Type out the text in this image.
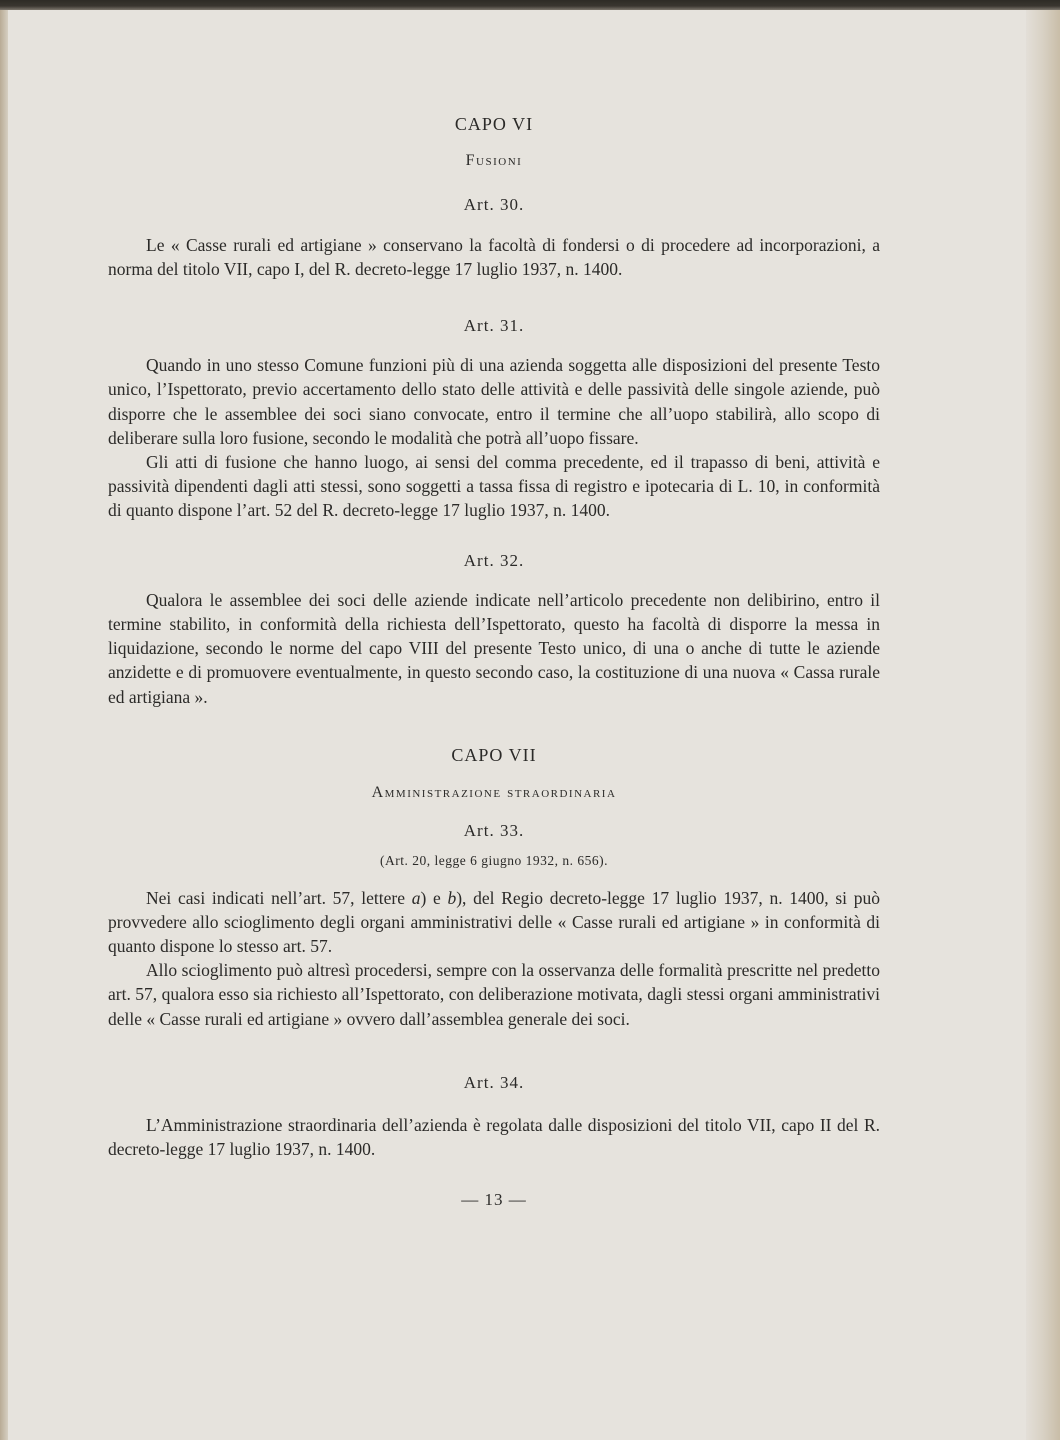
CAPO VI
Fusioni
Art. 30.

Le « Casse rurali ed artigiane » conservano la facoltà di fondersi o di procedere ad incorporazioni, a norma del titolo VII, capo I, del R. decreto-legge 17 luglio 1937, n. 1400.

Art. 31.

Quando in uno stesso Comune funzioni più di una azienda soggetta alle disposizioni del presente Testo unico, l’Ispettorato, previo accertamento dello stato delle attività e delle passività delle singole aziende, può disporre che le assemblee dei soci siano convocate, entro il termine che all’uopo stabilirà, allo scopo di deliberare sulla loro fusione, secondo le modalità che potrà all’uopo fissare.

Gli atti di fusione che hanno luogo, ai sensi del comma precedente, ed il trapasso di beni, attività e passività dipendenti dagli atti stessi, sono soggetti a tassa fissa di registro e ipotecaria di L. 10, in conformità di quanto dispone l’art. 52 del R. decreto-legge 17 luglio 1937, n. 1400.

Art. 32.

Qualora le assemblee dei soci delle aziende indicate nell’articolo precedente non delibirino, entro il termine stabilito, in conformità della richiesta dell’Ispettorato, questo ha facoltà di disporre la messa in liquidazione, secondo le norme del capo VIII del presente Testo unico, di una o anche di tutte le aziende anzidette e di promuovere eventualmente, in questo secondo caso, la costituzione di una nuova « Cassa rurale ed artigiana ».

CAPO VII
Amministrazione straordinaria
Art. 33.
(Art. 20, legge 6 giugno 1932, n. 656).

Nei casi indicati nell’art. 57, lettere a) e b), del Regio decreto-legge 17 luglio 1937, n. 1400, si può provvedere allo scioglimento degli organi amministrativi delle « Casse rurali ed artigiane » in conformità di quanto dispone lo stesso art. 57.

Allo scioglimento può altresì procedersi, sempre con la osservanza delle formalità prescritte nel predetto art. 57, qualora esso sia richiesto all’Ispettorato, con deliberazione motivata, dagli stessi organi amministrativi delle « Casse rurali ed artigiane » ovvero dall’assemblea generale dei soci.

Art. 34.

L’Amministrazione straordinaria dell’azienda è regolata dalle disposizioni del titolo VII, capo II del R. decreto-legge 17 luglio 1937, n. 1400.

— 13 —
